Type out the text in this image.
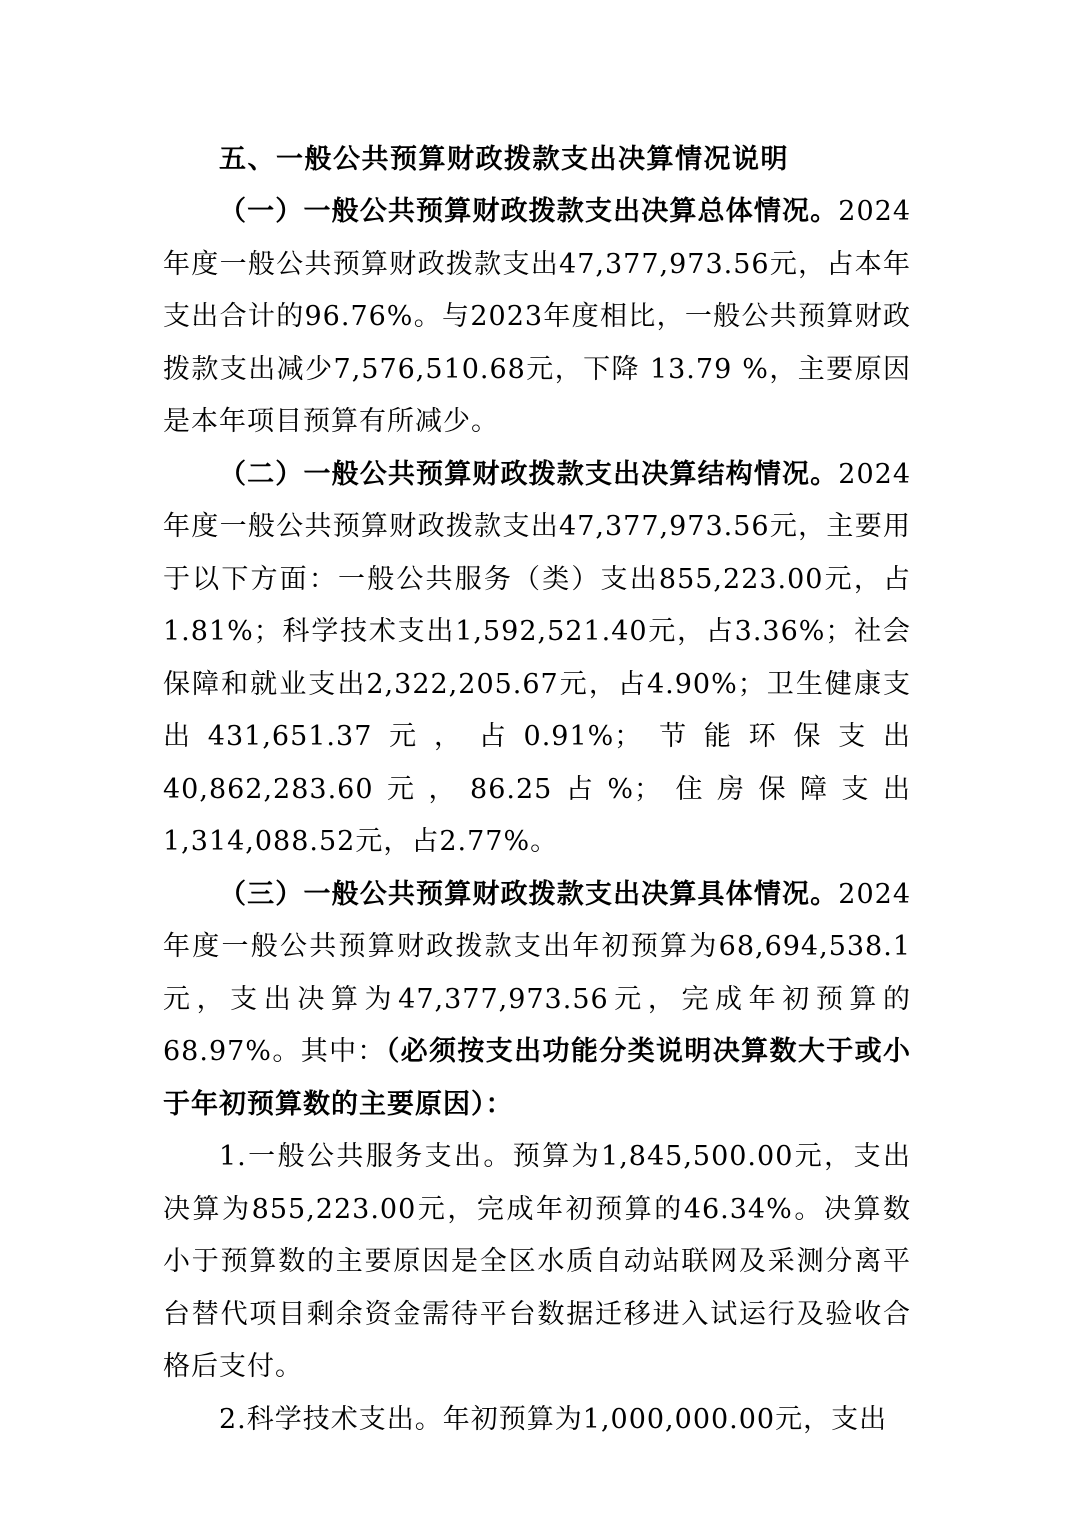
五、一般公共预算财政拨款支出决算情况说明

（一）一般公共预算财政拨款支出决算总体情况。2024年度一般公共预算财政拨款支出47,377,973.56元，占本年支出合计的96.76%。与2023年度相比，一般公共预算财政拨款支出减少7,576,510.68元，下降 13.79 %，主要原因是本年项目预算有所减少。

（二）一般公共预算财政拨款支出决算结构情况。2024年度一般公共预算财政拨款支出47,377,973.56元，主要用于以下方面：一般公共服务（类）支出855,223.00元，占1.81%；科学技术支出1,592,521.40元，占3.36%；社会保障和就业支出2,322,205.67元，占4.90%；卫生健康支出431,651.37元，占0.91%；节能环保支出40,862,283.60元，86.25占%；住房保障支出1,314,088.52元，占2.77%。

（三）一般公共预算财政拨款支出决算具体情况。2024年度一般公共预算财政拨款支出年初预算为68,694,538.1元，支出决算为47,377,973.56元，完成年初预算的68.97%。其中：（必须按支出功能分类说明决算数大于或小于年初预算数的主要原因）：

1.一般公共服务支出。预算为1,845,500.00元，支出决算为855,223.00元，完成年初预算的46.34%。决算数小于预算数的主要原因是全区水质自动站联网及采测分离平台替代项目剩余资金需待平台数据迁移进入试运行及验收合格后支付。

2.科学技术支出。年初预算为1,000,000.00元，支出
